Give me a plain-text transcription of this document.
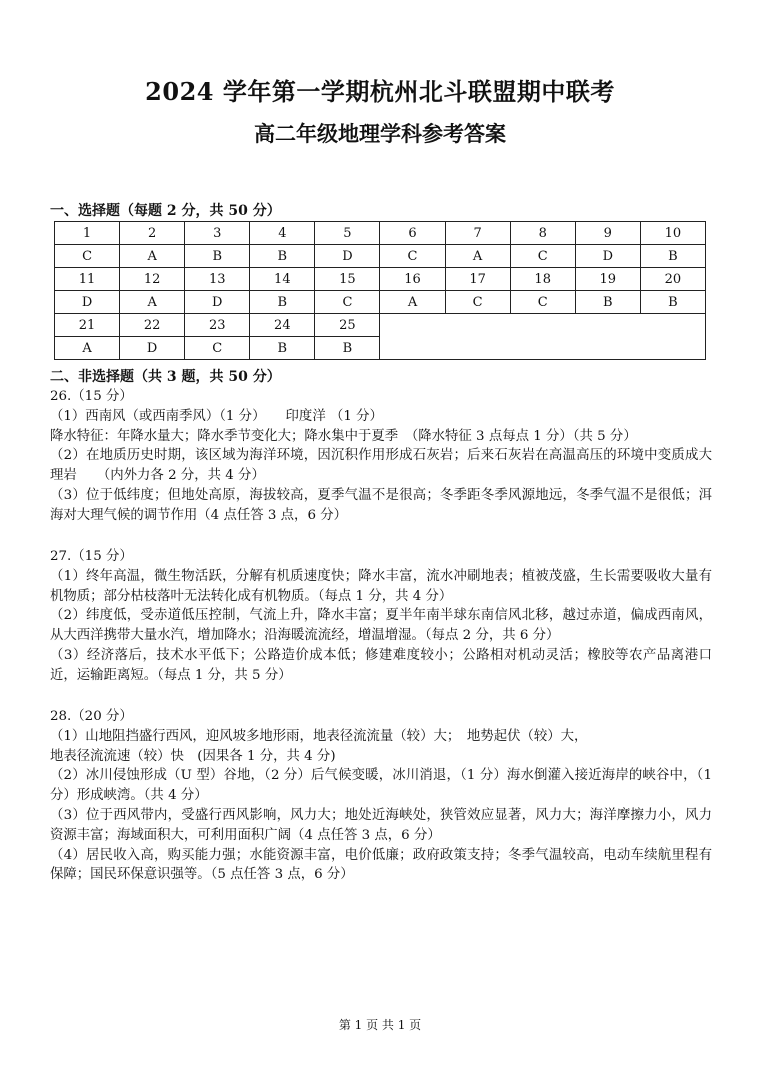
2024 学年第一学期杭州北斗联盟期中联考
高二年级地理学科参考答案
一、选择题（每题 2 分，共 50 分）
1	2	3	4	5	6	7	8	9	10
C	A	B	B	D	C	A	C	D	B
11	12	13	14	15	16	17	18	19	20
D	A	D	B	C	A	C	C	B	B
21	22	23	24	25					
A	D	C	B	B					
二、非选择题（共 3 题，共 50 分）

26.（15 分）

（1）西南风（或西南季风）（1 分）　　印度洋 （1 分）

降水特征：年降水量大；降水季节变化大；降水集中于夏季　（降水特征 3 点每点 1 分）（共 5 分）

（2）在地质历史时期，该区域为海洋环境，因沉积作用形成石灰岩；后来石灰岩在高温高压的环境中变质成大理岩　　（内外力各 2 分，共 4 分）

（3）位于低纬度；但地处高原，海拔较高，夏季气温不是很高；冬季距冬季风源地远，冬季气温不是很低；洱海对大理气候的调节作用（4 点任答 3 点，6 分）

27.（15 分）

（1）终年高温，微生物活跃，分解有机质速度快；降水丰富，流水冲刷地表；植被茂盛，生长需要吸收大量有机物质；部分枯枝落叶无法转化成有机物质。（每点 1 分，共 4 分）

（2）纬度低，受赤道低压控制，气流上升，降水丰富；夏半年南半球东南信风北移，越过赤道，偏成西南风，从大西洋携带大量水汽，增加降水；沿海暖流流经，增温增湿。（每点 2 分，共 6 分）

（3）经济落后，技术水平低下；公路造价成本低；修建难度较小；公路相对机动灵活；橡胶等农产品离港口近，运输距离短。（每点 1 分，共 5 分）

28.（20 分）

（1）山地阻挡盛行西风，迎风坡多地形雨，地表径流流量（较）大；　地势起伏（较）大，

地表径流流速（较）快　(因果各 1 分，共 4 分)

（2）冰川侵蚀形成（U 型）谷地，（2 分）后气候变暖，冰川消退，（1 分）海水倒灌入接近海岸的峡谷中，（1 分）形成峡湾。（共 4 分）

（3）位于西风带内，受盛行西风影响，风力大；地处近海峡处，狭管效应显著，风力大；海洋摩擦力小，风力资源丰富；海域面积大，可利用面积广阔（4 点任答 3 点，6 分）

（4）居民收入高，购买能力强；水能资源丰富，电价低廉；政府政策支持；冬季气温较高，电动车续航里程有保障；国民环保意识强等。（5 点任答 3 点，6 分）

第 1 页 共 1 页
